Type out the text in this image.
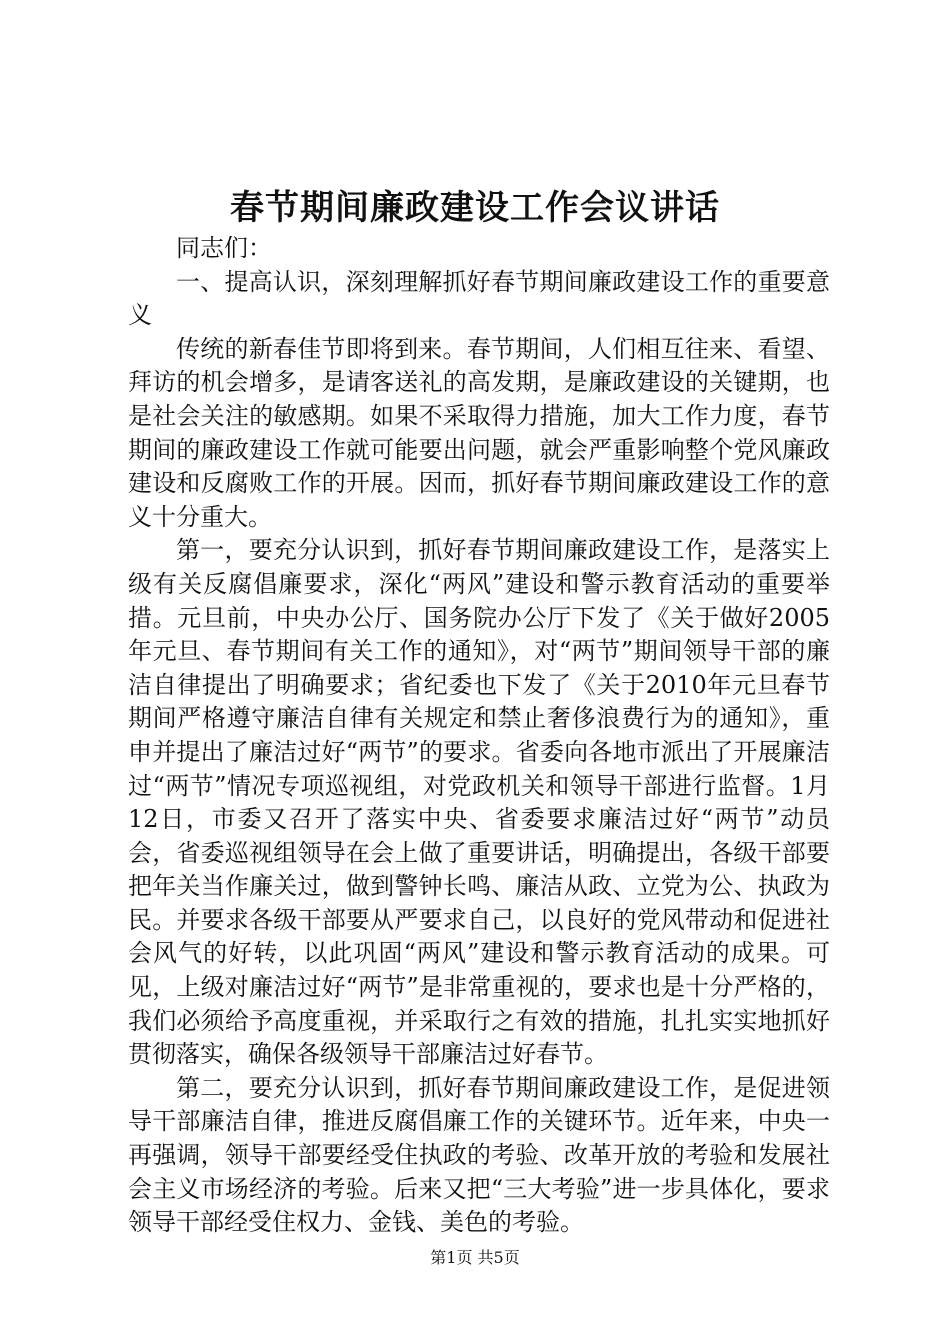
春节期间廉政建设工作会议讲话

同志们：

一、提高认识，深刻理解抓好春节期间廉政建设工作的重要意义

传统的新春佳节即将到来。春节期间，人们相互往来、看望、拜访的机会增多，是请客送礼的高发期，是廉政建设的关键期，也是社会关注的敏感期。如果不采取得力措施，加大工作力度，春节期间的廉政建设工作就可能要出问题，就会严重影响整个党风廉政建设和反腐败工作的开展。因而，抓好春节期间廉政建设工作的意义十分重大。

第一，要充分认识到，抓好春节期间廉政建设工作，是落实上级有关反腐倡廉要求，深化“两风”建设和警示教育活动的重要举措。元旦前，中央办公厅、国务院办公厅下发了《关于做好2005年元旦、春节期间有关工作的通知》，对“两节”期间领导干部的廉洁自律提出了明确要求；省纪委也下发了《关于2010年元旦春节期间严格遵守廉洁自律有关规定和禁止奢侈浪费行为的通知》，重申并提出了廉洁过好“两节”的要求。省委向各地市派出了开展廉洁过“两节”情况专项巡视组，对党政机关和领导干部进行监督。1月12日，市委又召开了落实中央、省委要求廉洁过好“两节”动员会，省委巡视组领导在会上做了重要讲话，明确提出，各级干部要把年关当作廉关过，做到警钟长鸣、廉洁从政、立党为公、执政为民。并要求各级干部要从严要求自己，以良好的党风带动和促进社会风气的好转，以此巩固“两风”建设和警示教育活动的成果。可见，上级对廉洁过好“两节”是非常重视的，要求也是十分严格的，我们必须给予高度重视，并采取行之有效的措施，扎扎实实地抓好贯彻落实，确保各级领导干部廉洁过好春节。

第二，要充分认识到，抓好春节期间廉政建设工作，是促进领导干部廉洁自律，推进反腐倡廉工作的关键环节。近年来，中央一再强调，领导干部要经受住执政的考验、改革开放的考验和发展社会主义市场经济的考验。后来又把“三大考验”进一步具体化，要求领导干部经受住权力、金钱、美色的考验。

第1页 共5页
